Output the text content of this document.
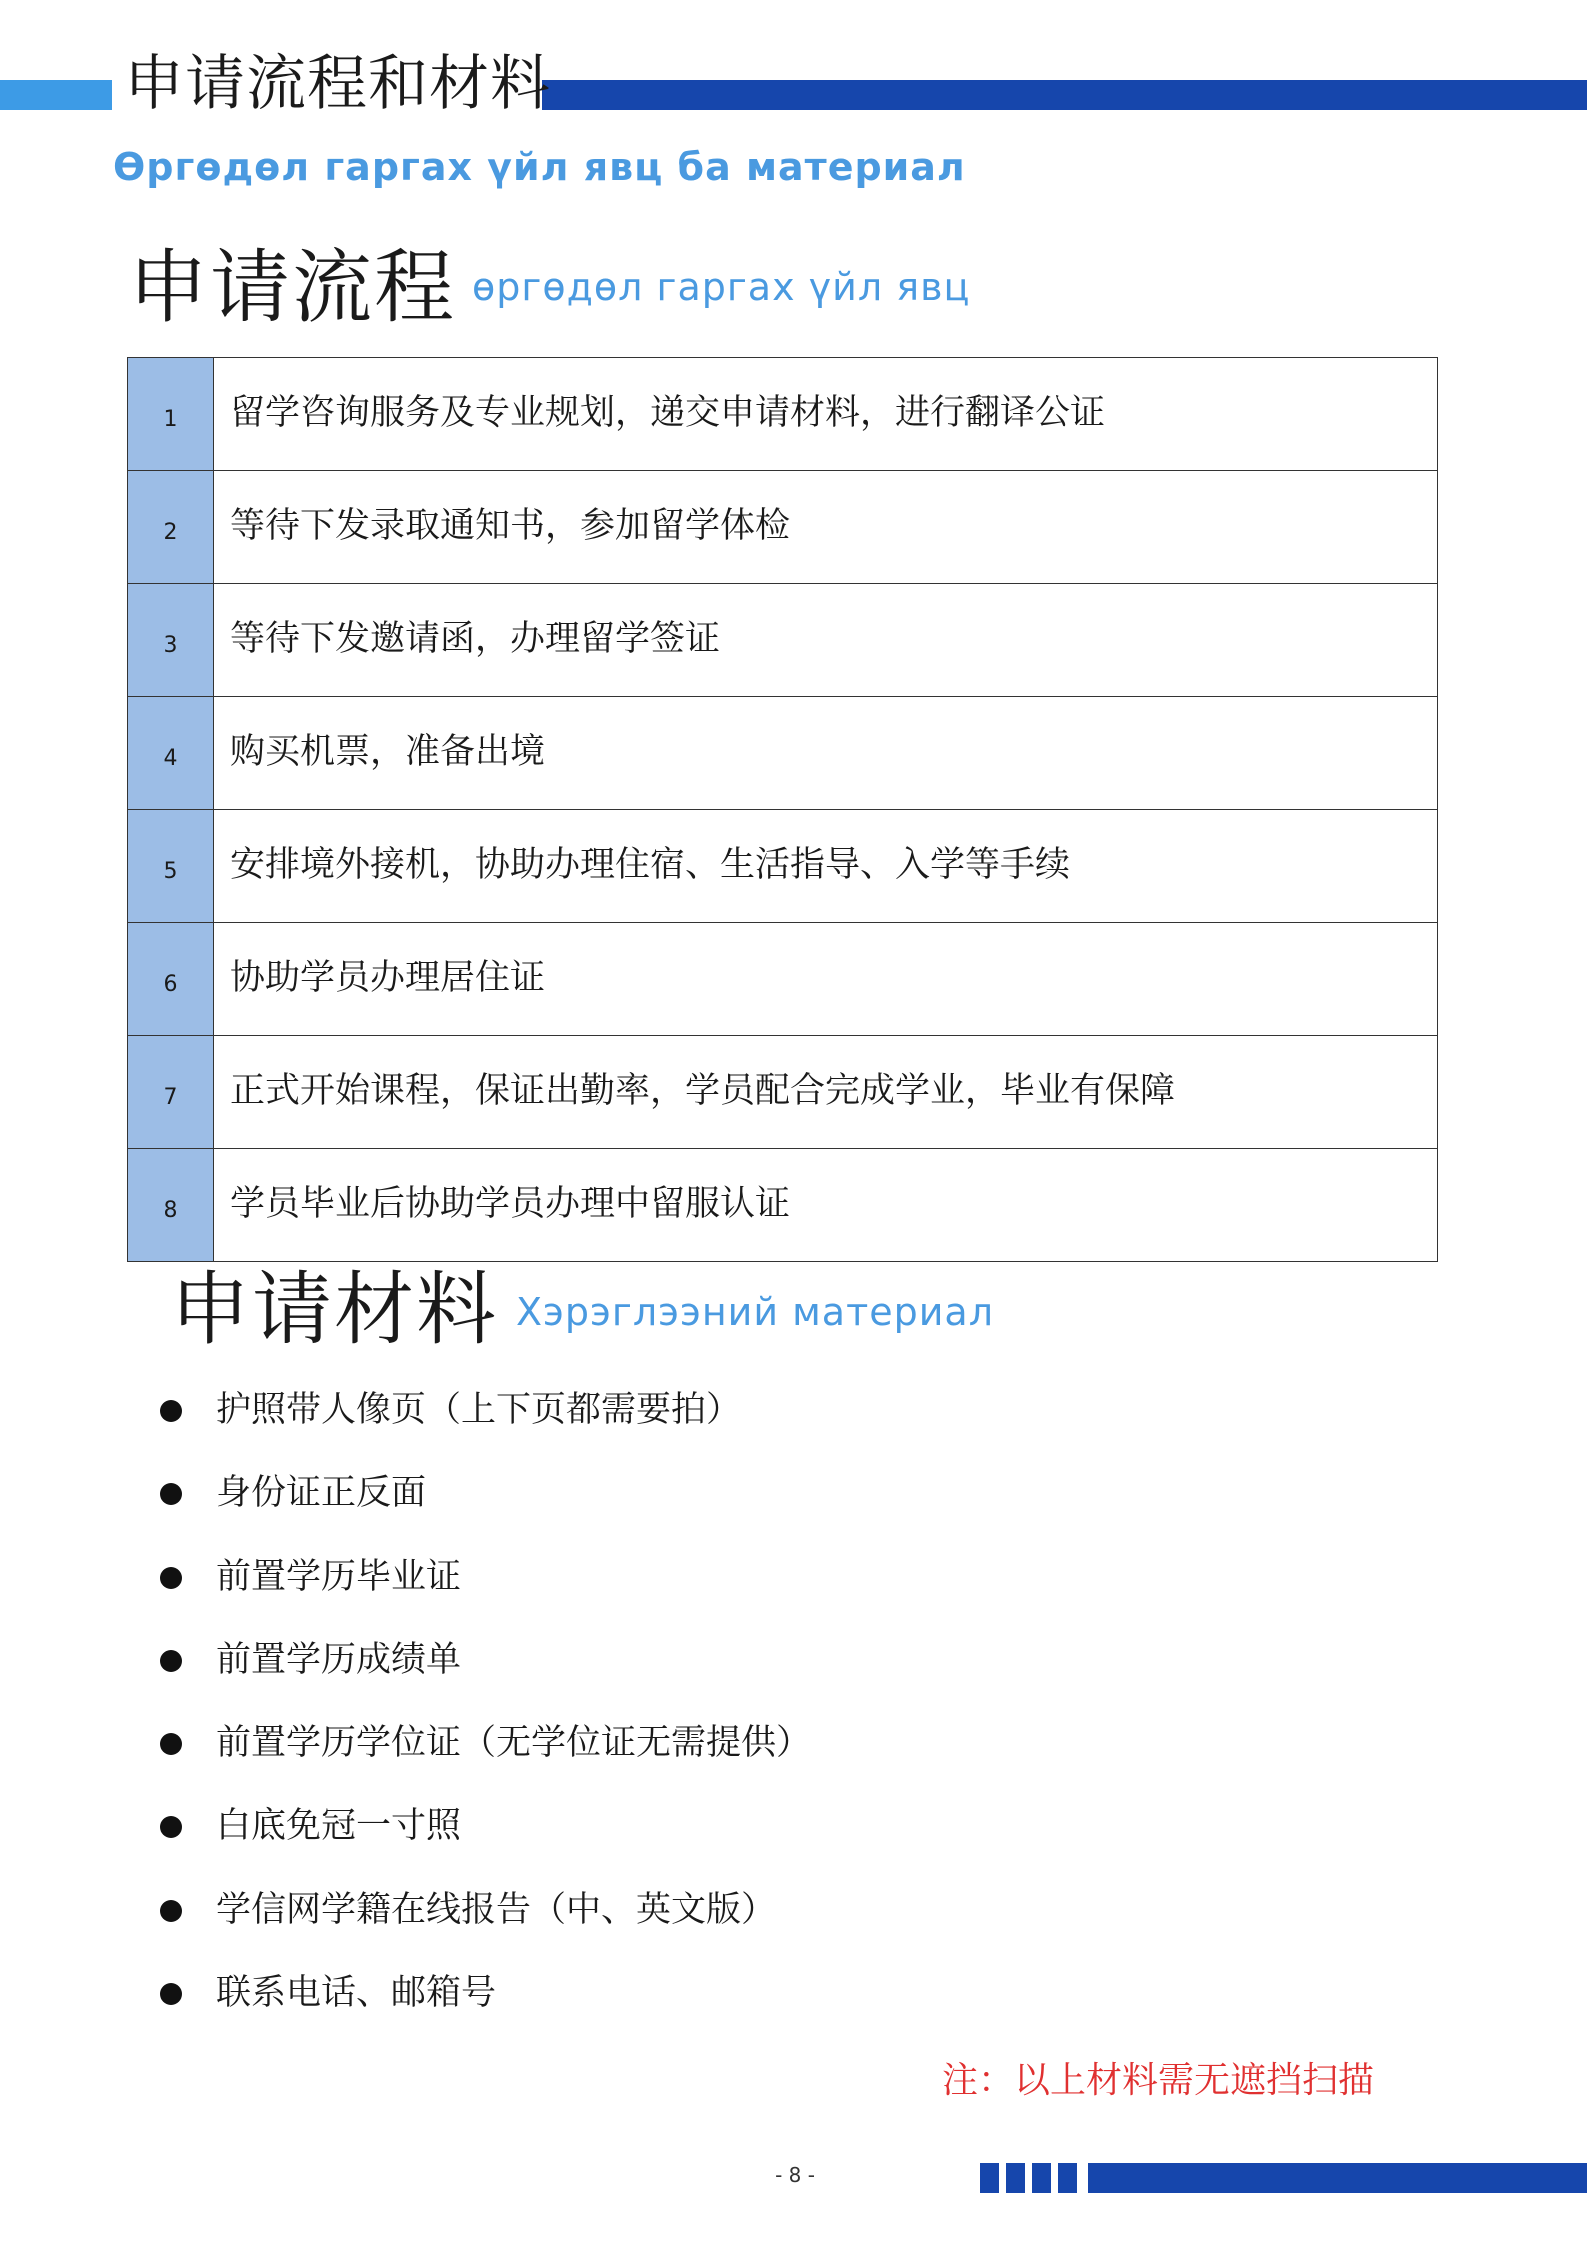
申请流程和材料
Өргөдөл гаргах үйл явц ба материал
申请流程 өргөдөл гаргах үйл явц
1	留学咨询服务及专业规划，递交申请材料，进行翻译公证
2	等待下发录取通知书，参加留学体检
3	等待下发邀请函，办理留学签证
4	购买机票，准备出境
5	安排境外接机，协助办理住宿、生活指导、入学等手续
6	协助学员办理居住证
7	正式开始课程，保证出勤率，学员配合完成学业，毕业有保障
8	学员毕业后协助学员办理中留服认证
申请材料 Хэрэглээний материал
护照带人像页（上下页都需要拍）
身份证正反面
前置学历毕业证
前置学历成绩单
前置学历学位证（无学位证无需提供）
白底免冠一寸照
学信网学籍在线报告（中、英文版）
联系电话、邮箱号
注：以上材料需无遮挡扫描
- 8 -
